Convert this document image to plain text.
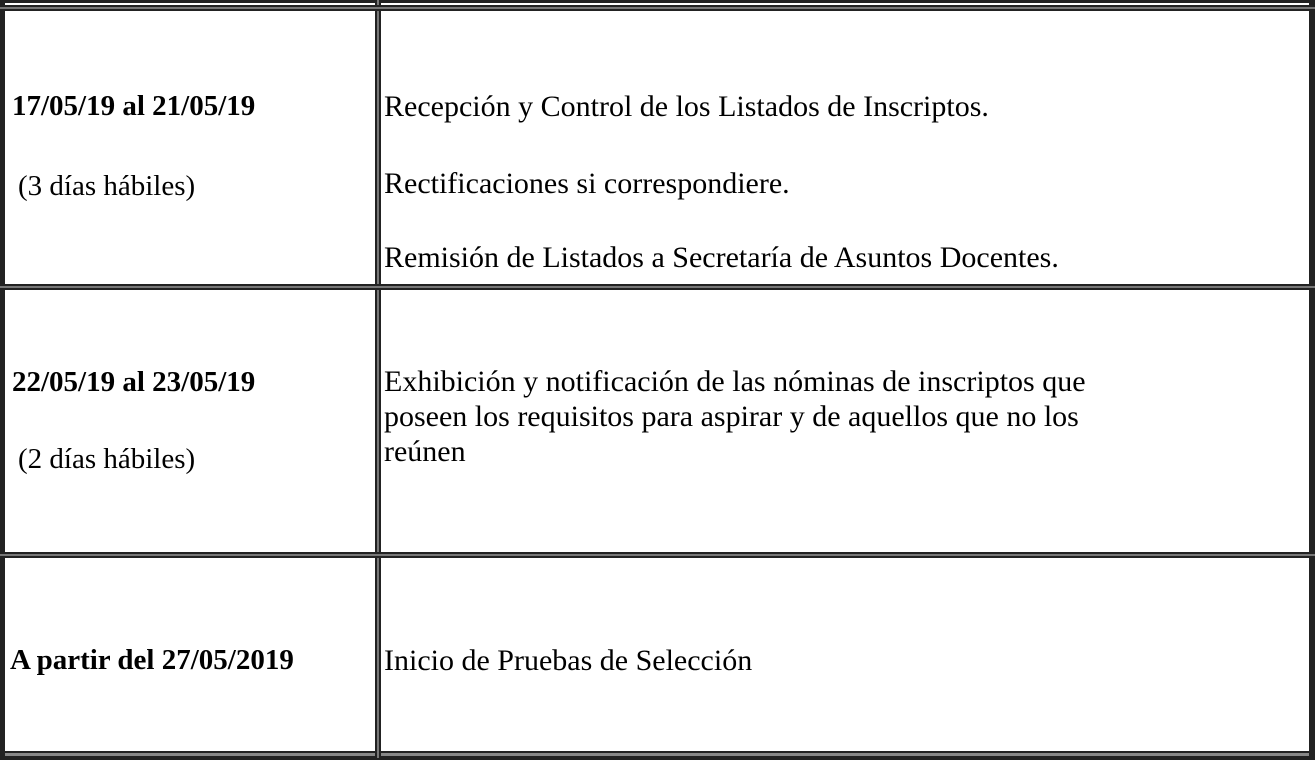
17/05/19 al 21/05/19
(3 días hábiles)
Recepción y Control de los Listados de Inscriptos.
Rectificaciones si correspondiere.
Remisión de Listados a Secretaría de Asuntos Docentes.
22/05/19 al 23/05/19
(2 días hábiles)
Exhibición y notificación de las nóminas de inscriptos que
poseen los requisitos para aspirar y de aquellos que no los
reúnen
A partir del 27/05/2019	Inicio de Pruebas de Selección
